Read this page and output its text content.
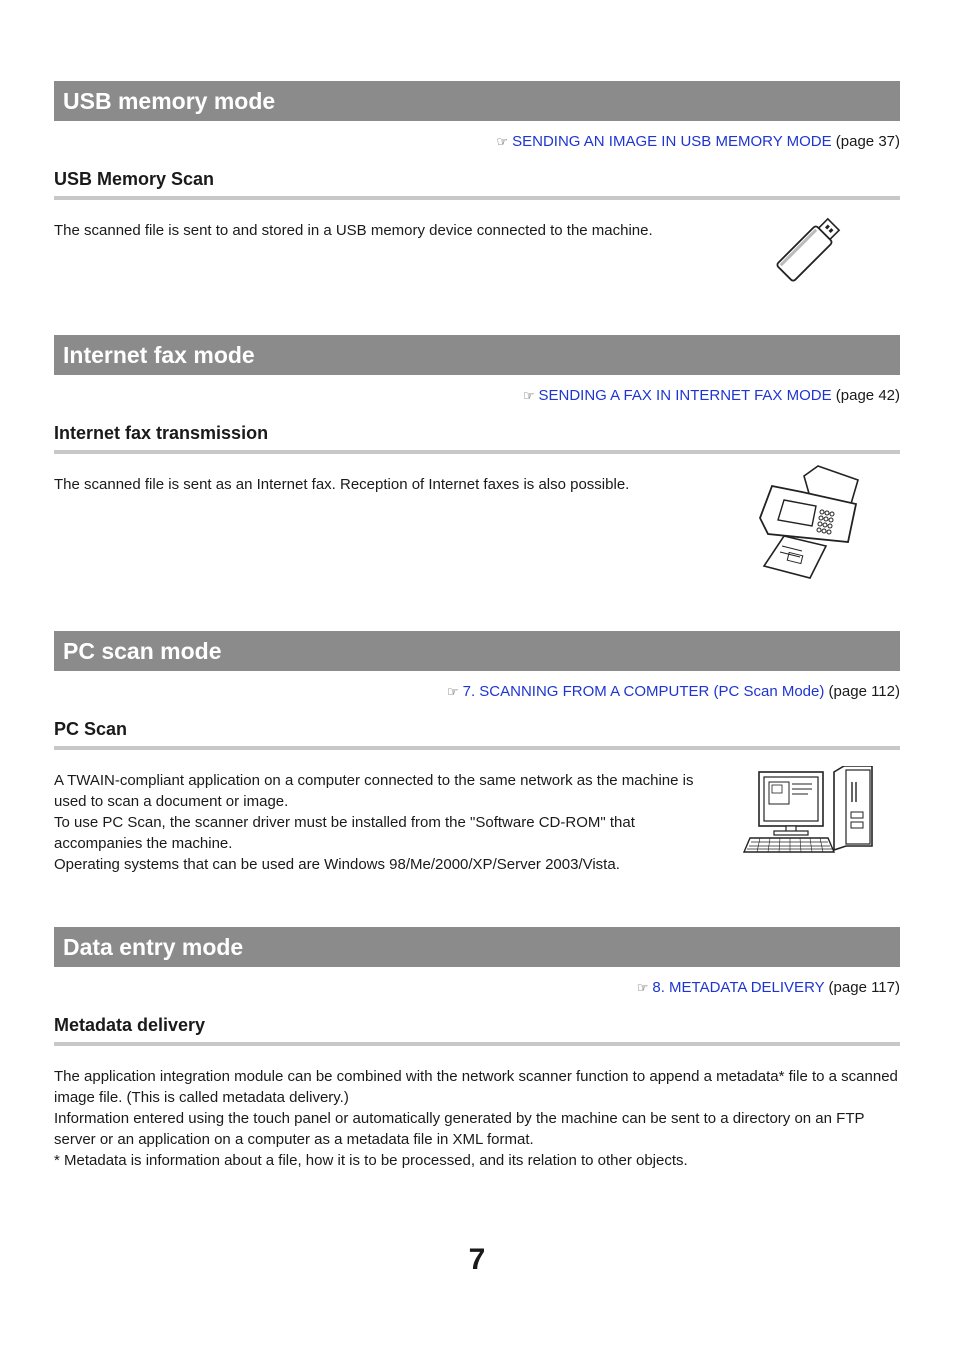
USB memory mode
☞ SENDING AN IMAGE IN USB MEMORY MODE (page 37)
USB Memory Scan

The scanned file is sent to and stored in a USB memory device connected to the machine.

Internet fax mode
☞ SENDING A FAX IN INTERNET FAX MODE (page 42)
Internet fax transmission

The scanned file is sent as an Internet fax. Reception of Internet faxes is also possible.

PC scan mode
☞ 7. SCANNING FROM A COMPUTER (PC Scan Mode) (page 112)
PC Scan

A TWAIN-compliant application on a computer connected to the same network as the machine is used to scan a document or image.

To use PC Scan, the scanner driver must be installed from the "Software CD-ROM" that accompanies the machine.

Operating systems that can be used are Windows 98/Me/2000/XP/Server 2003/Vista.

Data entry mode
☞ 8. METADATA DELIVERY (page 117)
Metadata delivery

The application integration module can be combined with the network scanner function to append a metadata* file to a scanned image file. (This is called metadata delivery.)

Information entered using the touch panel or automatically generated by the machine can be sent to a directory on an FTP server or an application on a computer as a metadata file in XML format.

* Metadata is information about a file, how it is to be processed, and its relation to other objects.

7
